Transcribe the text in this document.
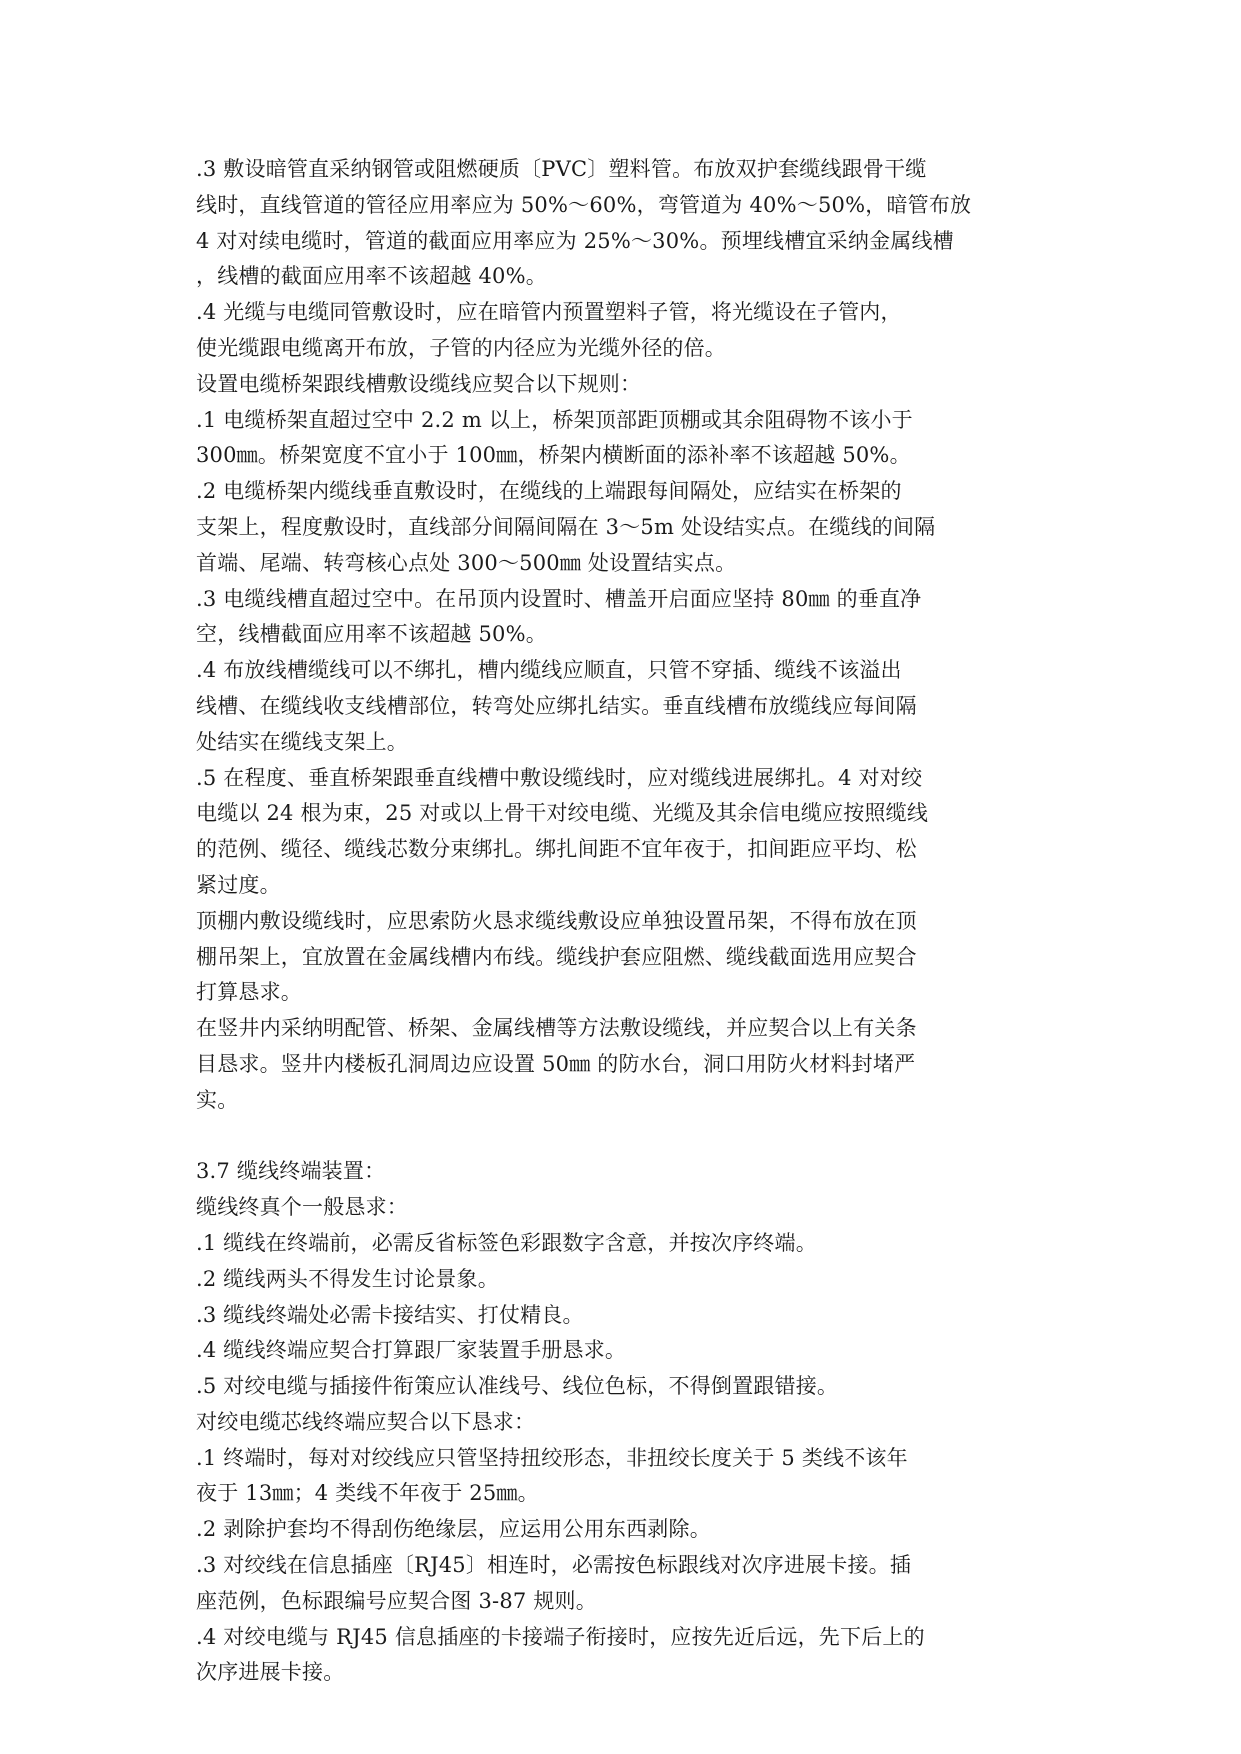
.3 敷设暗管直采纳钢管或阻燃硬质〔PVC〕塑料管。布放双护套缆线跟骨干缆
线时，直线管道的管径应用率应为 50%～60%，弯管道为 40%～50%，暗管布放
4 对对续电缆时，管道的截面应用率应为 25%～30%。预埋线槽宜采纳金属线槽
，线槽的截面应用率不该超越 40%。
.4 光缆与电缆同管敷设时，应在暗管内预置塑料子管，将光缆设在子管内，
使光缆跟电缆离开布放，子管的内径应为光缆外径的倍。
设置电缆桥架跟线槽敷设缆线应契合以下规则：
.1 电缆桥架直超过空中 2.2 m 以上，桥架顶部距顶棚或其余阻碍物不该小于
300㎜。桥架宽度不宜小于 100㎜，桥架内横断面的添补率不该超越 50%。
.2 电缆桥架内缆线垂直敷设时，在缆线的上端跟每间隔处，应结实在桥架的
支架上，程度敷设时，直线部分间隔间隔在 3～5m 处设结实点。在缆线的间隔
首端、尾端、转弯核心点处 300～500㎜ 处设置结实点。
.3 电缆线槽直超过空中。在吊顶内设置时、槽盖开启面应坚持 80㎜ 的垂直净
空，线槽截面应用率不该超越 50%。
.4 布放线槽缆线可以不绑扎，槽内缆线应顺直，只管不穿插、缆线不该溢出
线槽、在缆线收支线槽部位，转弯处应绑扎结实。垂直线槽布放缆线应每间隔
处结实在缆线支架上。
.5 在程度、垂直桥架跟垂直线槽中敷设缆线时，应对缆线进展绑扎。4 对对绞
电缆以 24 根为束，25 对或以上骨干对绞电缆、光缆及其余信电缆应按照缆线
的范例、缆径、缆线芯数分束绑扎。绑扎间距不宜年夜于，扣间距应平均、松
紧过度。
顶棚内敷设缆线时，应思索防火恳求缆线敷设应单独设置吊架，不得布放在顶
棚吊架上，宜放置在金属线槽内布线。缆线护套应阻燃、缆线截面选用应契合
打算恳求。
在竖井内采纳明配管、桥架、金属线槽等方法敷设缆线，并应契合以上有关条
目恳求。竖井内楼板孔洞周边应设置 50㎜ 的防水台，洞口用防火材料封堵严
实。
3.7 缆线终端装置：
缆线终真个一般恳求：
.1 缆线在终端前，必需反省标签色彩跟数字含意，并按次序终端。
.2 缆线两头不得发生讨论景象。
.3 缆线终端处必需卡接结实、打仗精良。
.4 缆线终端应契合打算跟厂家装置手册恳求。
.5 对绞电缆与插接件衔策应认准线号、线位色标，不得倒置跟错接。
对绞电缆芯线终端应契合以下恳求：
.1 终端时，每对对绞线应只管坚持扭绞形态，非扭绞长度关于 5 类线不该年
夜于 13㎜；4 类线不年夜于 25㎜。
.2 剥除护套均不得刮伤绝缘层，应运用公用东西剥除。
.3 对绞线在信息插座〔RJ45〕相连时，必需按色标跟线对次序进展卡接。插
座范例，色标跟编号应契合图 3-87 规则。
.4 对绞电缆与 RJ45 信息插座的卡接端子衔接时，应按先近后远，先下后上的
次序进展卡接。
